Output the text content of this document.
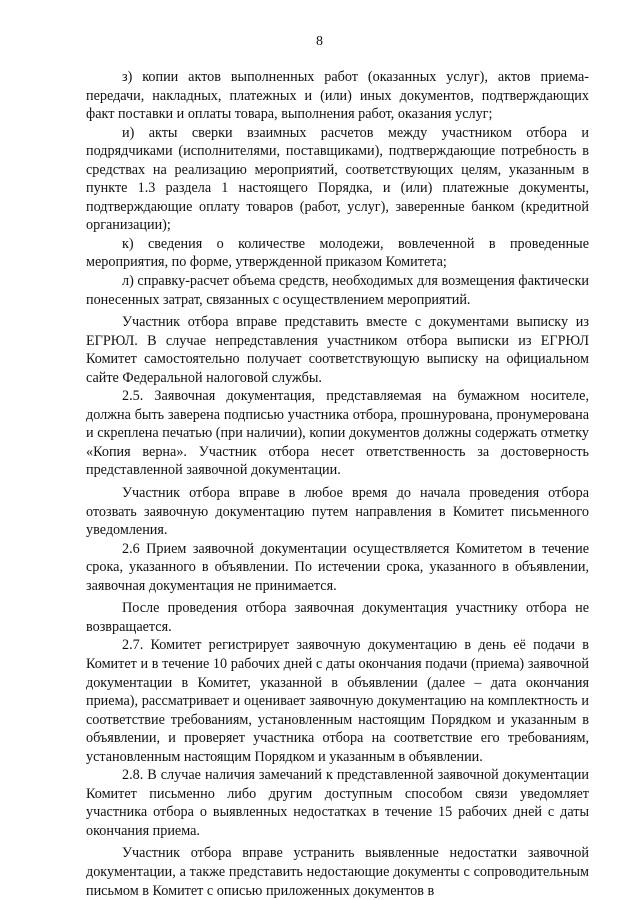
8

з) копии актов выполненных работ (оказанных услуг), актов приема-передачи, накладных, платежных и (или) иных документов, подтверждающих факт поставки и оплаты товара, выполнения работ, оказания услуг;

и) акты сверки взаимных расчетов между участником отбора и подрядчиками (исполнителями, поставщиками), подтверждающие потребность в средствах на реализацию мероприятий, соответствующих целям, указанным в пункте 1.3 раздела 1 настоящего Порядка, и (или) платежные документы, подтверждающие оплату товаров (работ, услуг), заверенные банком (кредитной организации);

к) сведения о количестве молодежи, вовлеченной в проведенные мероприятия, по форме, утвержденной приказом Комитета;

л) справку-расчет объема средств, необходимых для возмещения фактически понесенных затрат, связанных с осуществлением мероприятий.

Участник отбора вправе представить вместе с документами выписку из ЕГРЮЛ. В случае непредставления участником отбора выписки из ЕГРЮЛ Комитет самостоятельно получает соответствующую выписку на официальном сайте Федеральной налоговой службы.

2.5. Заявочная документация, представляемая на бумажном носителе, должна быть заверена подписью участника отбора, прошнурована, пронумерована и скреплена печатью (при наличии), копии документов должны содержать отметку «Копия верна». Участник отбора несет ответственность за достоверность представленной заявочной документации.

Участник отбора вправе в любое время до начала проведения отбора отозвать заявочную документацию путем направления в Комитет письменного уведомления.

2.6 Прием заявочной документации осуществляется Комитетом в течение срока, указанного в объявлении. По истечении срока, указанного в объявлении, заявочная документация не принимается.

После проведения отбора заявочная документация участнику отбора не возвращается.

2.7. Комитет регистрирует заявочную документацию в день её подачи в Комитет и в течение 10 рабочих дней с даты окончания подачи (приема) заявочной документации в Комитет, указанной в объявлении (далее – дата окончания приема), рассматривает и оценивает заявочную документацию на комплектность и соответствие требованиям, установленным настоящим Порядком и указанным в объявлении, и проверяет участника отбора на соответствие его требованиям, установленным настоящим Порядком и указанным в объявлении.

2.8. В случае наличия замечаний к представленной заявочной документации Комитет письменно либо другим доступным способом связи уведомляет участника отбора о выявленных недостатках в течение 15 рабочих дней с даты окончания приема.

Участник отбора вправе устранить выявленные недостатки заявочной документации, а также представить недостающие документы с сопроводительным письмом в Комитет с описью приложенных документов в
